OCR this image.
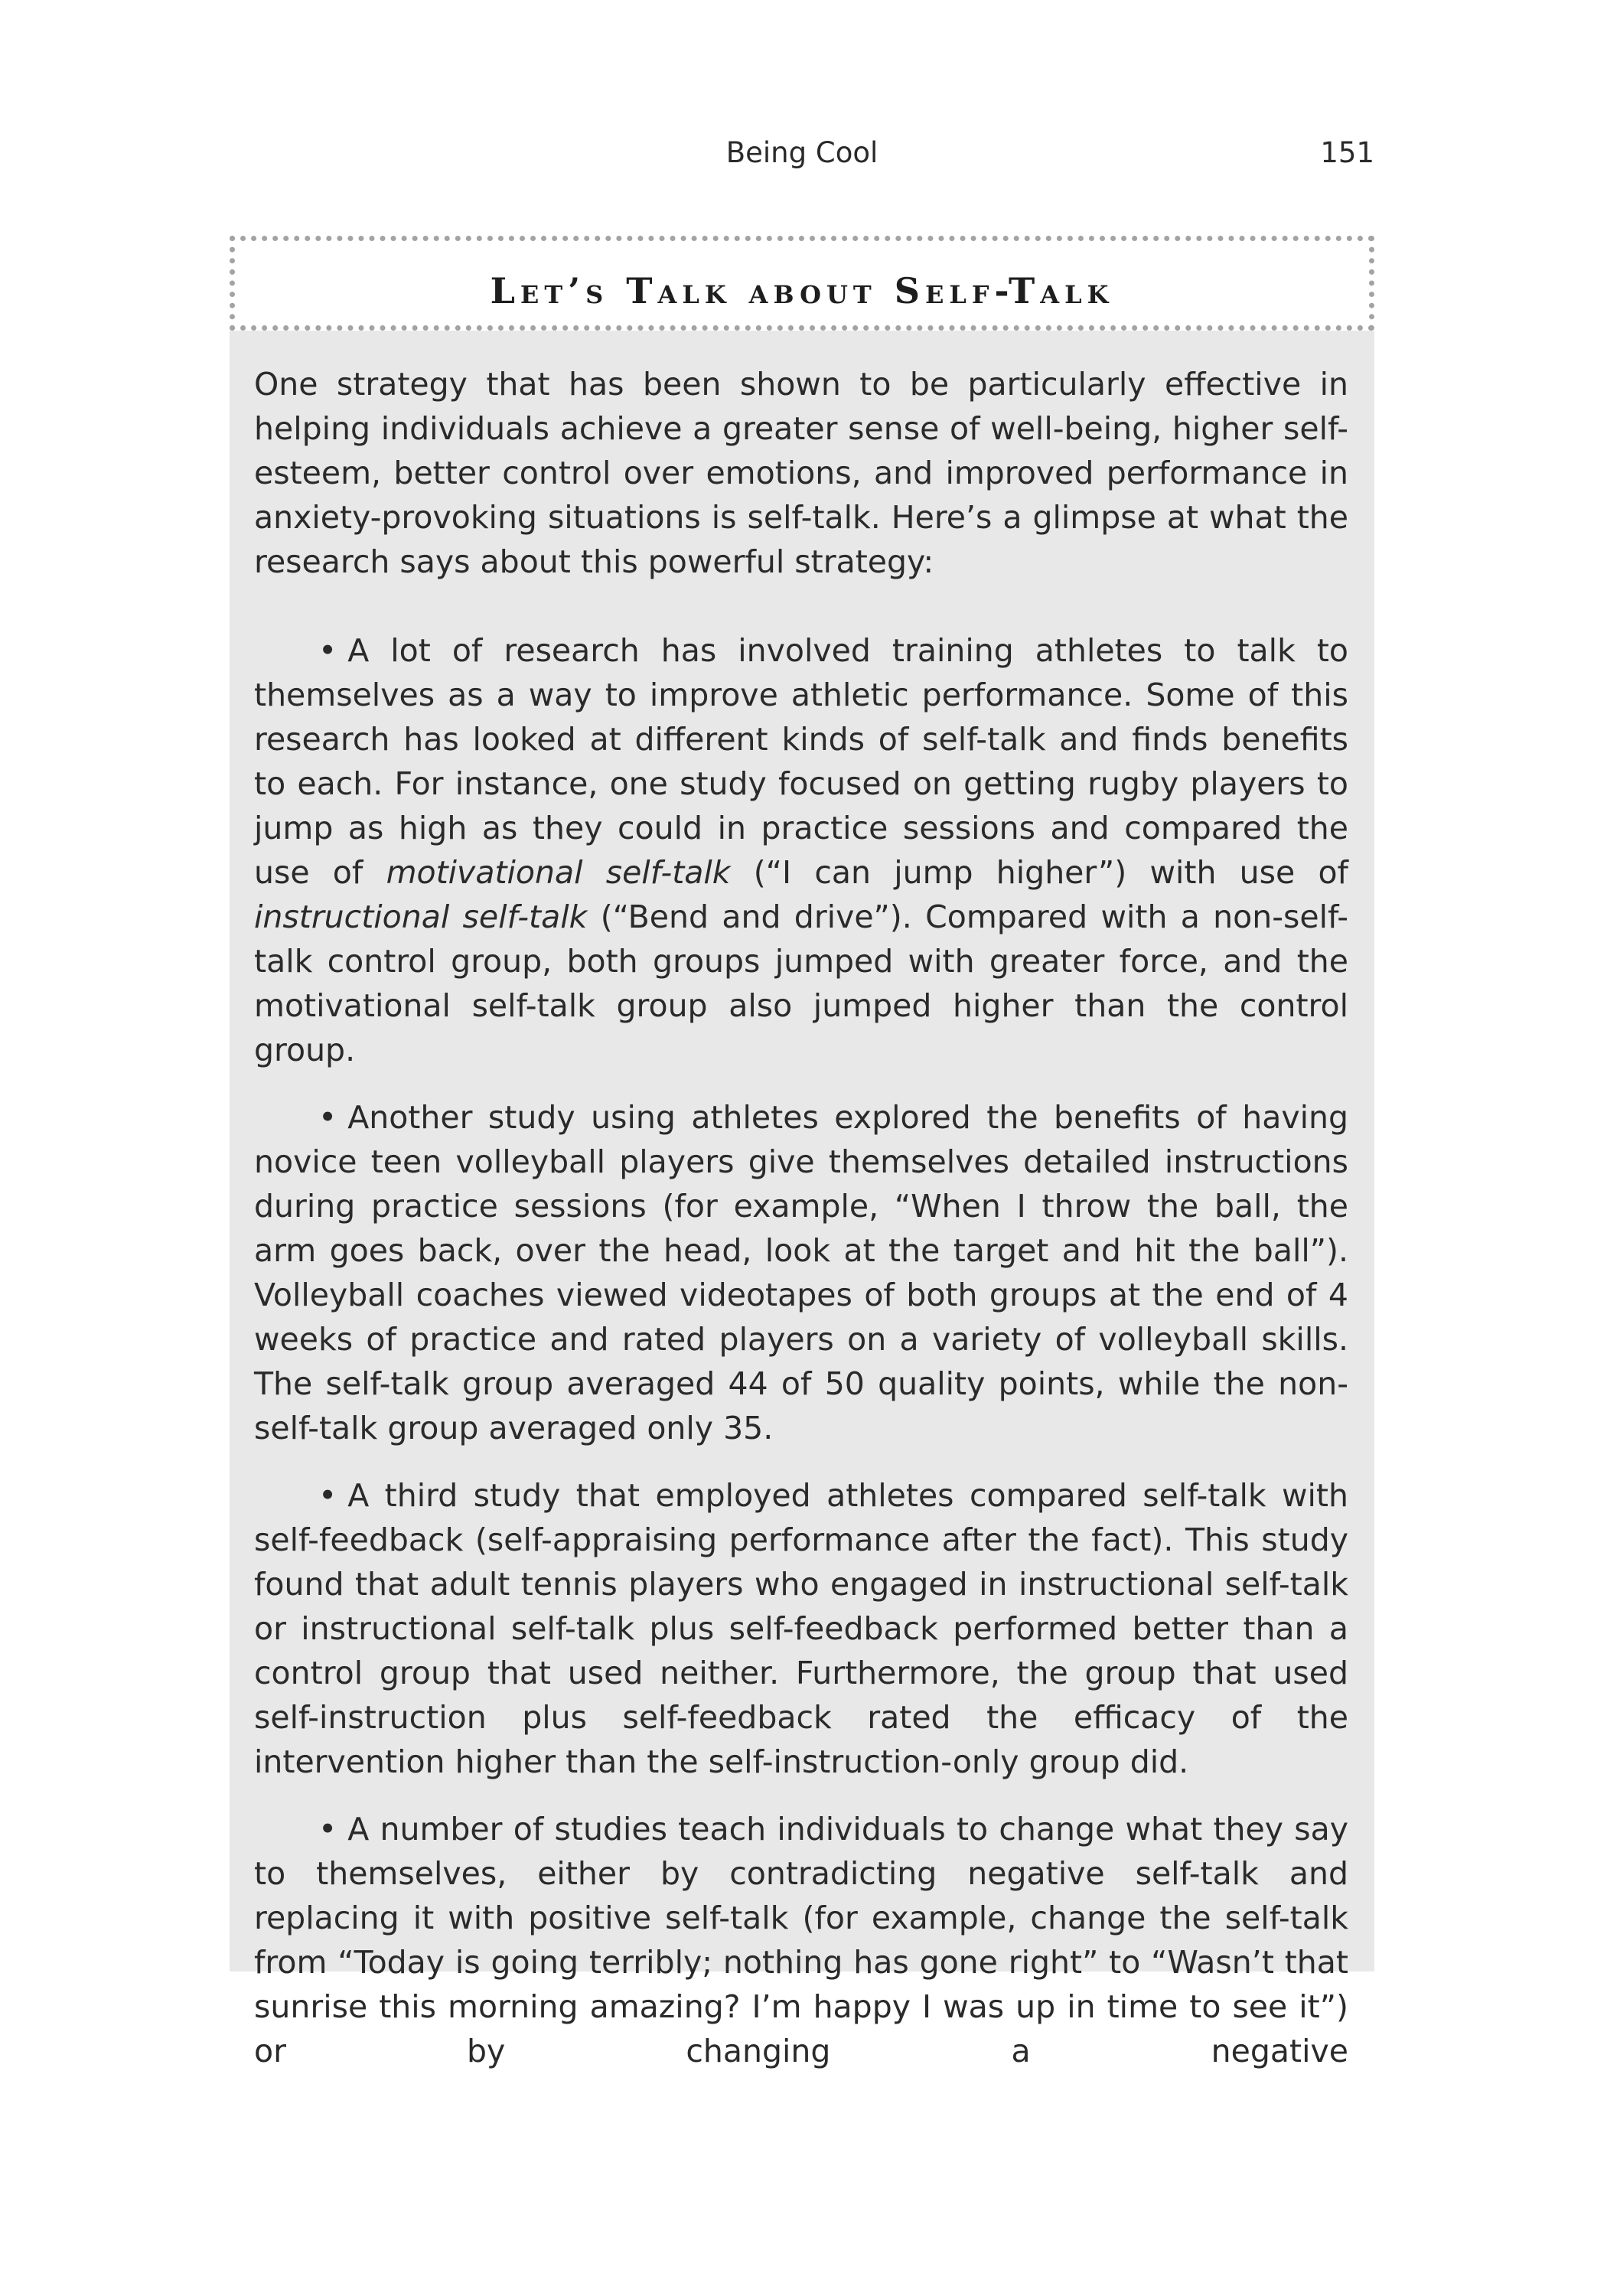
Being Cool	151
Let’s Talk about Self-Talk

One strategy that has been shown to be particularly effective in helping individuals achieve a greater sense of well-being, higher self-esteem, better control over emotions, and improved performance in anxiety-provoking situations is self-talk. Here’s a glimpse at what the research says about this powerful strategy:

• A lot of research has involved training athletes to talk to themselves as a way to improve athletic performance. Some of this research has looked at different kinds of self-talk and finds benefits to each. For instance, one study focused on getting rugby players to jump as high as they could in practice sessions and compared the use of motivational self-talk (“I can jump higher”) with use of instructional self-talk (“Bend and drive”). Compared with a non-self-talk control group, both groups jumped with greater force, and the motivational self-talk group also jumped higher than the control group.

• Another study using athletes explored the benefits of having novice teen volleyball players give themselves detailed instructions during practice sessions (for example, “When I throw the ball, the arm goes back, over the head, look at the target and hit the ball”). Volleyball coaches viewed videotapes of both groups at the end of 4 weeks of practice and rated players on a variety of volleyball skills. The self-talk group averaged 44 of 50 quality points, while the non-self-talk group averaged only 35.

• A third study that employed athletes compared self-talk with self-feedback (self-appraising performance after the fact). This study found that adult tennis players who engaged in instructional self-talk or instructional self-talk plus self-feedback performed better than a control group that used neither. Furthermore, the group that used self-instruction plus self-feedback rated the efficacy of the intervention higher than the self-instruction-only group did.

• A number of studies teach individuals to change what they say to themselves, either by contradicting negative self-talk and replacing it with positive self-talk (for example, change the self-talk from “Today is going terribly; nothing has gone right” to “Wasn’t that sunrise this morning amazing? I’m happy I was up in time to see it”) or by changing a negative
